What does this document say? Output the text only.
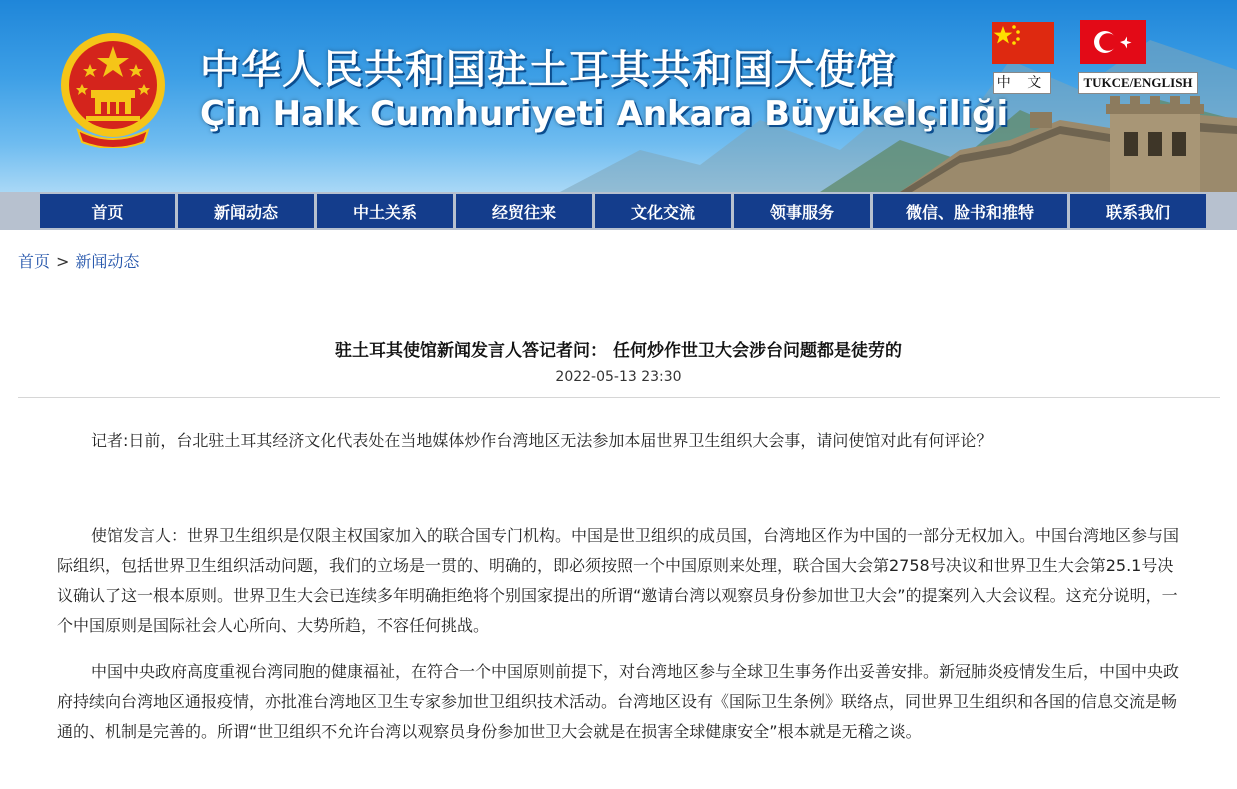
中华人民共和国驻土耳其共和国大使馆
Çin Halk Cumhuriyeti Ankara Büyükelçiliği
中 文	TUKCE/ENGLISH
首页	新闻动态	中土关系	经贸往来	文化交流	领事服务	微信、脸书和推特	联系我们
首页 > 新闻动态
驻土耳其使馆新闻发言人答记者问： 任何炒作世卫大会涉台问题都是徒劳的
2022-05-13 23:30

记者:日前，台北驻土耳其经济文化代表处在当地媒体炒作台湾地区无法参加本届世界卫生组织大会事，请问使馆对此有何评论？

使馆发言人：世界卫生组织是仅限主权国家加入的联合国专门机构。中国是世卫组织的成员国，台湾地区作为中国的一部分无权加入。中国台湾地区参与国际组织，包括世界卫生组织活动问题，我们的立场是一贯的、明确的，即必须按照一个中国原则来处理，联合国大会第2758号决议和世界卫生大会第25.1号决议确认了这一根本原则。世界卫生大会已连续多年明确拒绝将个别国家提出的所谓“邀请台湾以观察员身份参加世卫大会”的提案列入大会议程。这充分说明，一个中国原则是国际社会人心所向、大势所趋，不容任何挑战。

中国中央政府高度重视台湾同胞的健康福祉，在符合一个中国原则前提下，对台湾地区参与全球卫生事务作出妥善安排。新冠肺炎疫情发生后，中国中央政府持续向台湾地区通报疫情，亦批准台湾地区卫生专家参加世卫组织技术活动。台湾地区设有《国际卫生条例》联络点，同世界卫生组织和各国的信息交流是畅通的、机制是完善的。所谓“世卫组织不允许台湾以观察员身份参加世卫大会就是在损害全球健康安全”根本就是无稽之谈。
